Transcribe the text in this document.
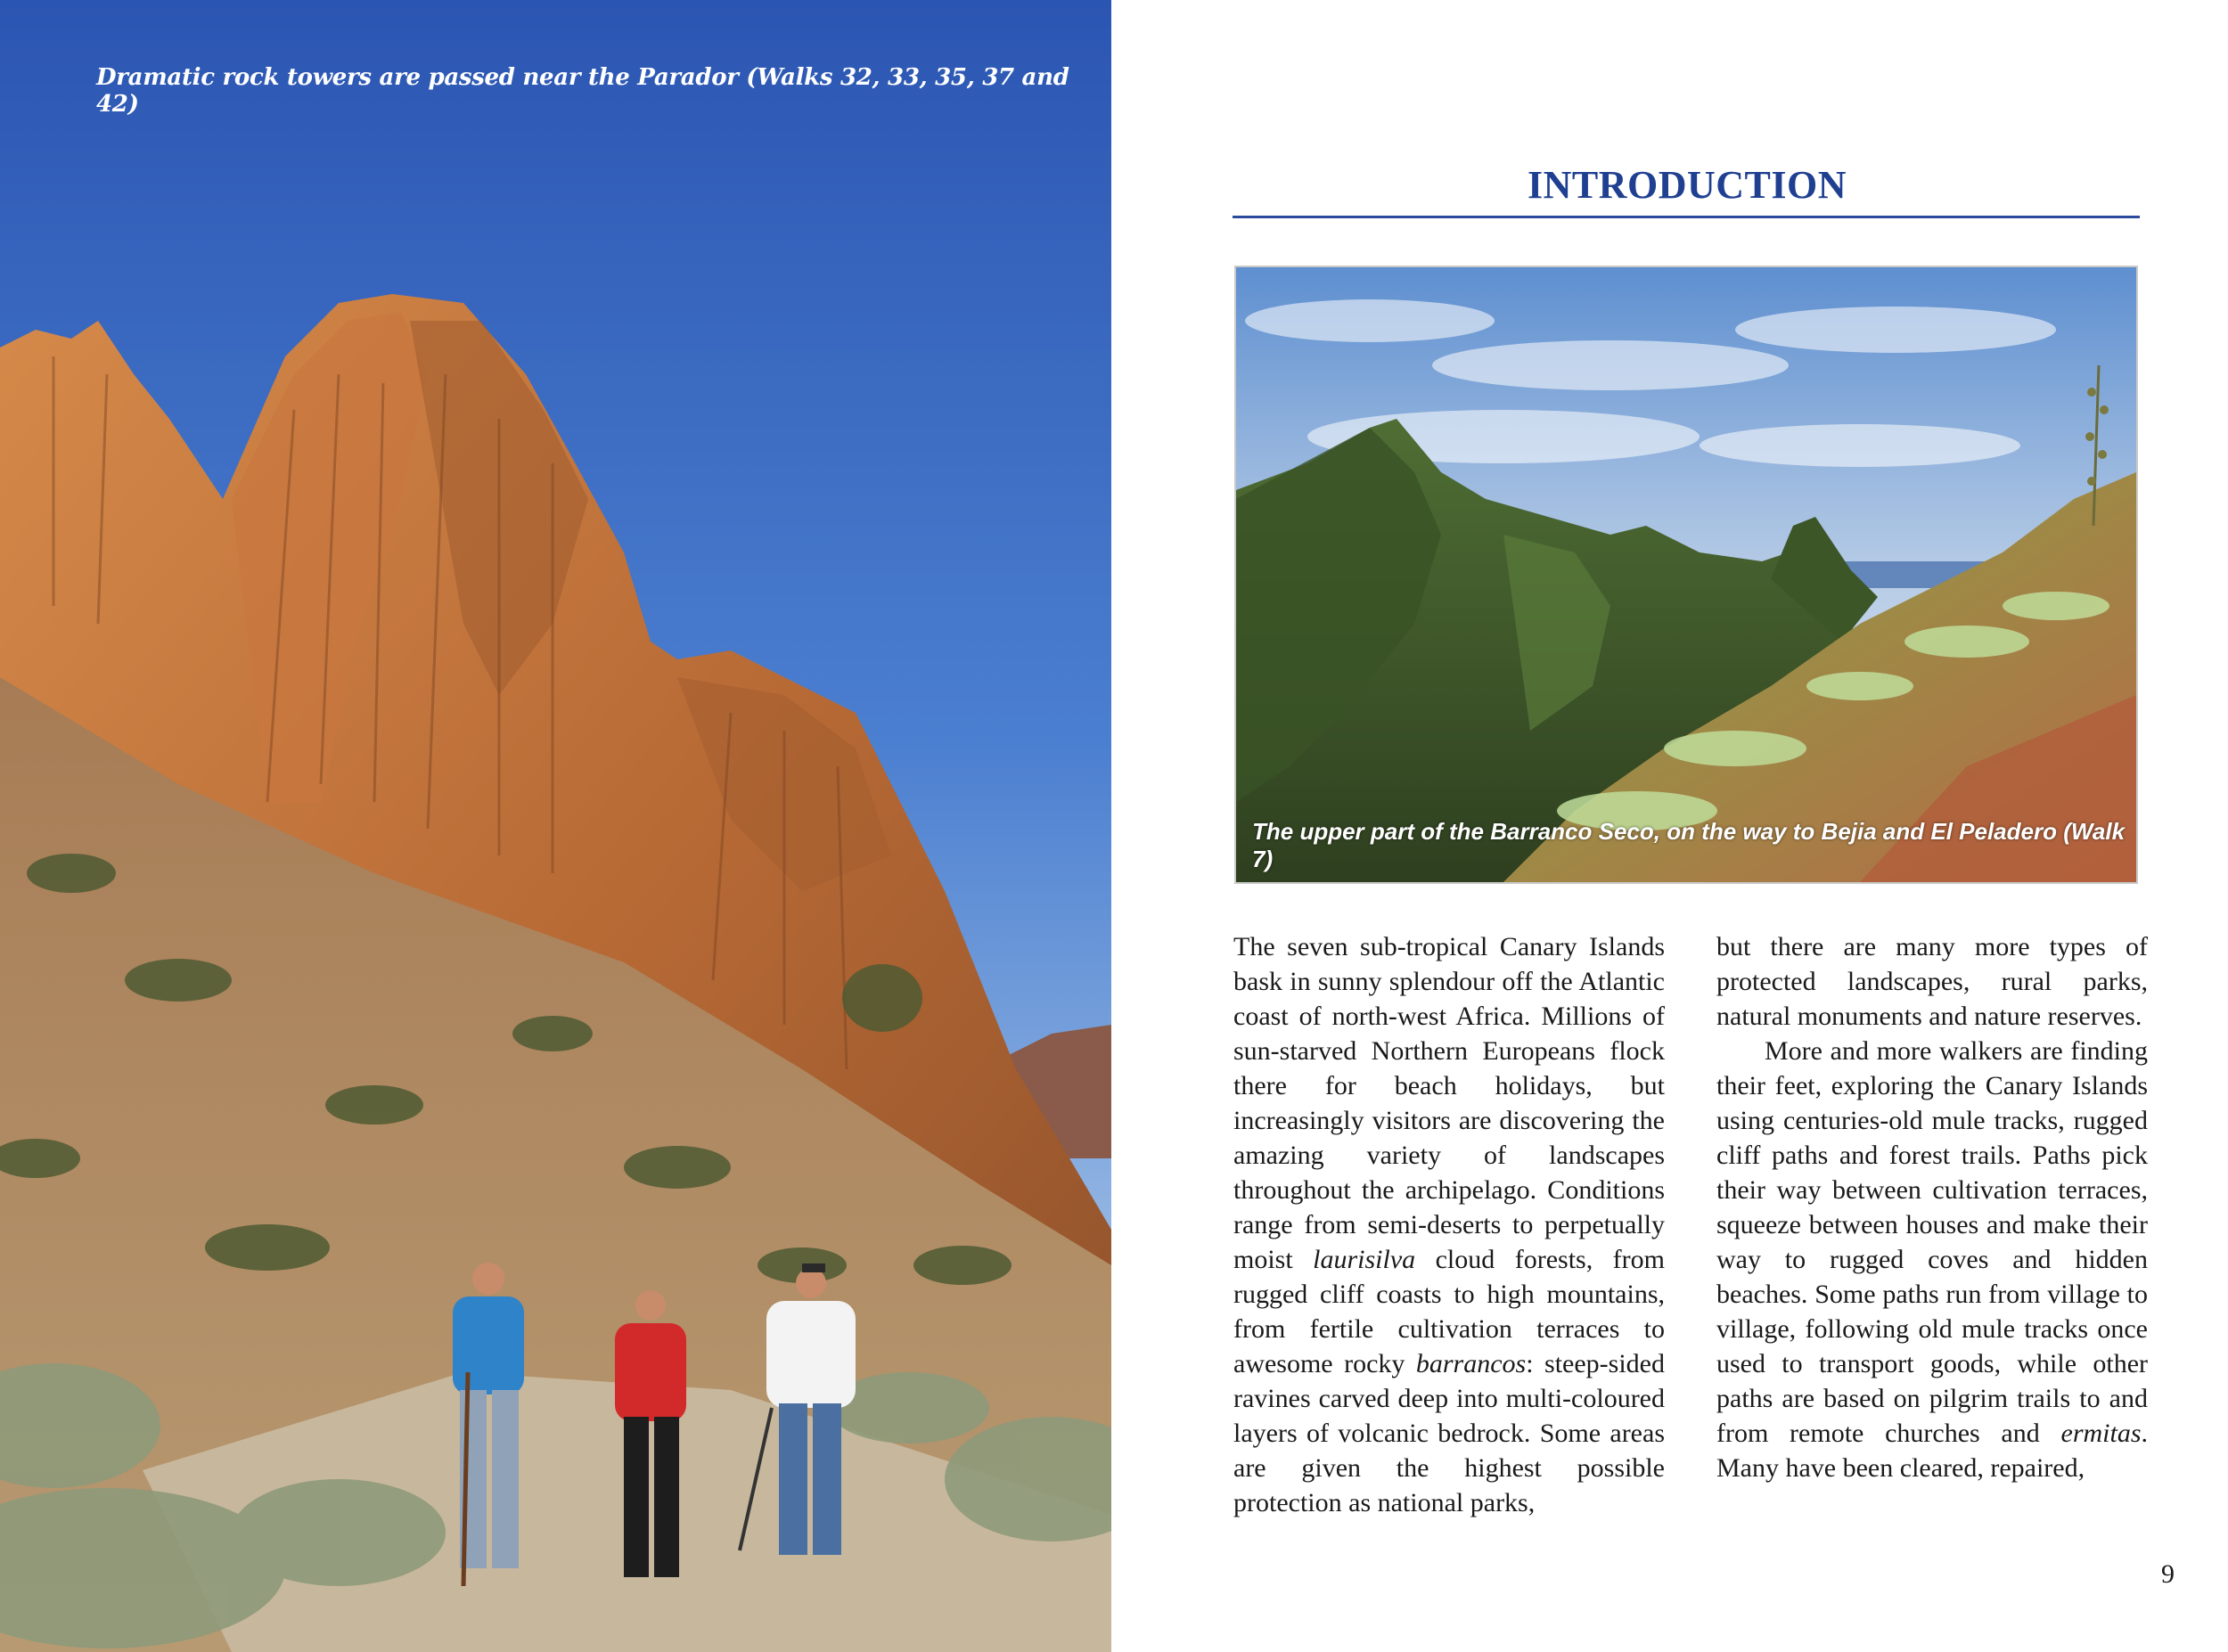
Dramatic rock towers are passed near the Parador (Walks 32, 33, 35, 37 and 42)
INTRODUCTION
The upper part of the Barranco Seco, on the way to Bejia and El Peladero (Walk 7)

The seven sub-tropical Canary Islands bask in sunny splendour off the Atlantic coast of north-west Africa. Millions of sun-starved Northern Europeans flock there for beach holidays, but increasingly visitors are discovering the amazing variety of landscapes throughout the archipelago. Conditions range from semi-deserts to perpetually moist laurisilva cloud forests, from rugged cliff coasts to high mountains, from fertile cultivation terraces to awesome rocky barrancos: steep-sided ravines carved deep into multi-coloured layers of volcanic bedrock. Some areas are given the highest possible protection as national parks,

but there are many more types of protected landscapes, rural parks, natural monuments and nature reserves.

More and more walkers are finding their feet, exploring the Canary Islands using centuries-old mule tracks, rugged cliff paths and forest trails. Paths pick their way between cultivation terraces, squeeze between houses and make their way to rugged coves and hidden beaches. Some paths run from village to village, following old mule tracks once used to transport goods, while other paths are based on pilgrim trails to and from remote churches and ermitas. Many have been cleared, repaired,

9
